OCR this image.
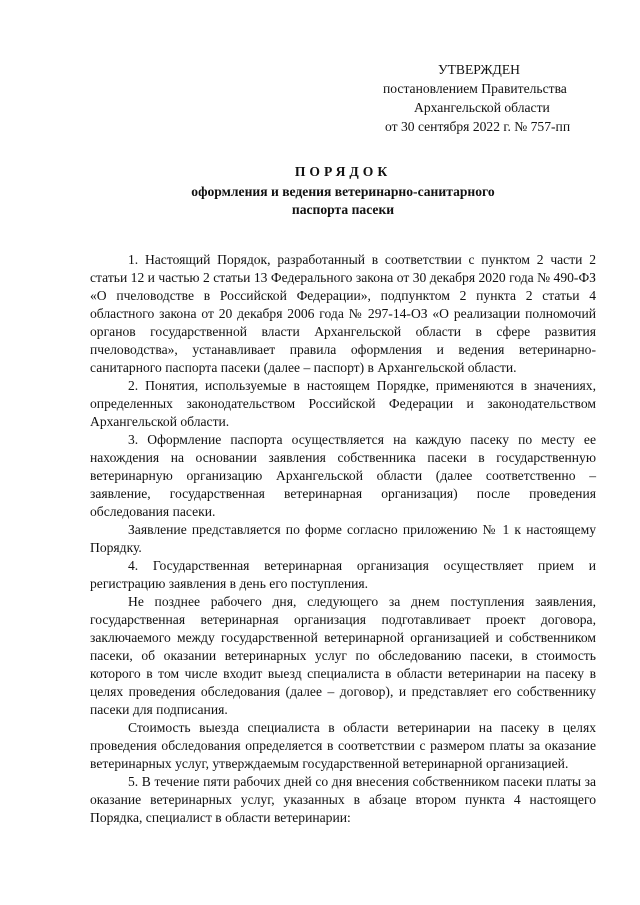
УТВЕРЖДЕН
постановлением Правительства
Архангельской области
от 30 сентября 2022 г. № 757-пп
ПОРЯДОК
оформления и ведения ветеринарно-санитарного
паспорта пасеки

1. Настоящий Порядок, разработанный в соответствии с пунктом 2 части 2 статьи 12 и частью 2 статьи 13 Федерального закона от 30 декабря 2020 года № 490-ФЗ «О пчеловодстве в Российской Федерации», подпунктом 2 пункта 2 статьи 4 областного закона от 20 декабря 2006 года № 297-14-ОЗ «О реализации полномочий органов государственной власти Архангельской области в сфере развития пчеловодства», устанавливает правила оформления и ведения ветеринарно-санитарного паспорта пасеки (далее – паспорт) в Архангельской области.

2. Понятия, используемые в настоящем Порядке, применяются в значениях, определенных законодательством Российской Федерации и законодательством Архангельской области.

3. Оформление паспорта осуществляется на каждую пасеку по месту ее нахождения на основании заявления собственника пасеки в государственную ветеринарную организацию Архангельской области (далее соответственно – заявление, государственная ветеринарная организация) после проведения обследования пасеки.

Заявление представляется по форме согласно приложению № 1 к настоящему Порядку.

4. Государственная ветеринарная организация осуществляет прием и регистрацию заявления в день его поступления.

Не позднее рабочего дня, следующего за днем поступления заявления, государственная ветеринарная организация подготавливает проект договора, заключаемого между государственной ветеринарной организацией и собственником пасеки, об оказании ветеринарных услуг по обследованию пасеки, в стоимость которого в том числе входит выезд специалиста в области ветеринарии на пасеку в целях проведения обследования (далее – договор), и представляет его собственнику пасеки для подписания.

Стоимость выезда специалиста в области ветеринарии на пасеку в целях проведения обследования определяется в соответствии с размером платы за оказание ветеринарных услуг, утверждаемым государственной ветеринарной организацией.

5. В течение пяти рабочих дней со дня внесения собственником пасеки платы за оказание ветеринарных услуг, указанных в абзаце втором пункта 4 настоящего Порядка, специалист в области ветеринарии:
